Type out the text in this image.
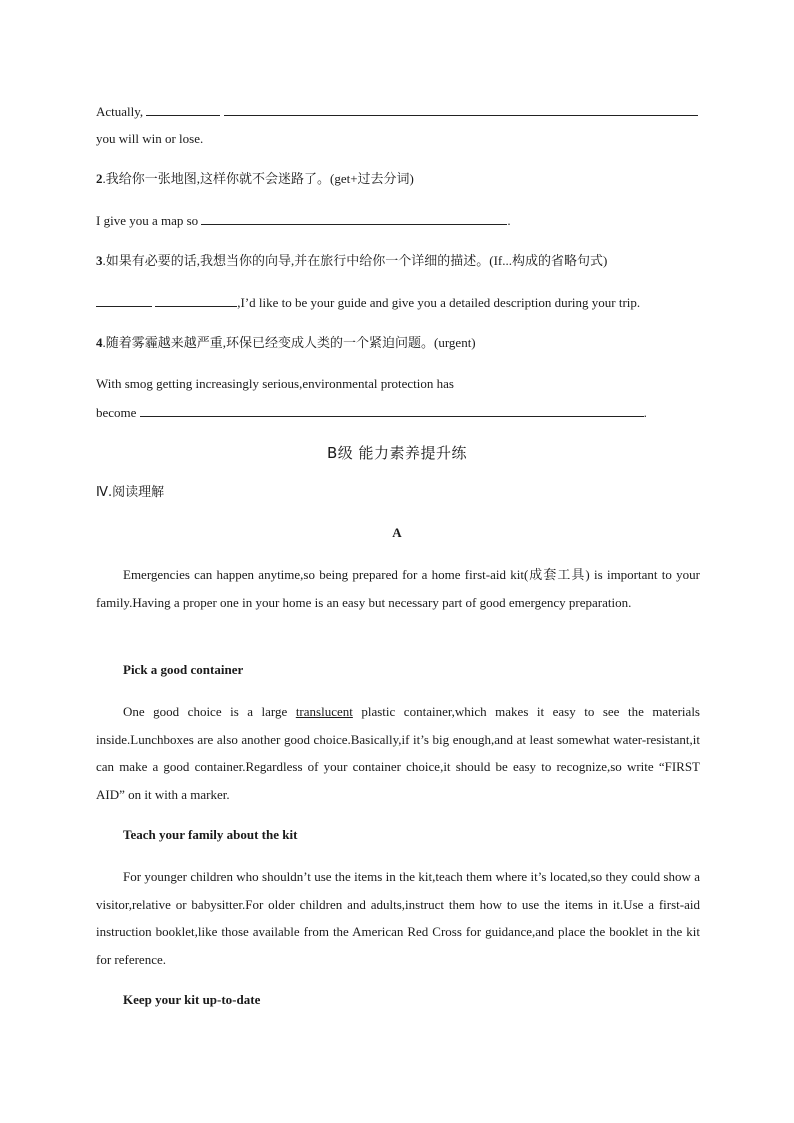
Actually,
you will win or lose.
2.我给你一张地图,这样你就不会迷路了。(get+过去分词)
I give you a map so	.
3.如果有必要的话,我想当你的向导,并在旅行中给你一个详细的描述。(If...构成的省略句式)
,I’d like to be your guide and give you a detailed description during your trip.
4.随着雾霾越来越严重,环保已经变成人类的一个紧迫问题。(urgent)
With smog getting increasingly serious,environmental protection has
become	.
B级 能力素养提升练
Ⅳ.阅读理解
A
Emergencies can happen anytime,so being prepared for a home first-aid kit(成套工具) is important to your family.Having a proper one in your home is an easy but necessary part of good emergency preparation.
Pick a good container
One good choice is a large translucent plastic container,which makes it easy to see the materials inside.Lunchboxes are also another good choice.Basically,if it’s big enough,and at least somewhat water-resistant,it can make a good container.Regardless of your container choice,it should be easy to recognize,so write “FIRST AID” on it with a marker.
Teach your family about the kit
For younger children who shouldn’t use the items in the kit,teach them where it’s located,so they could show a visitor,relative or babysitter.For older children and adults,instruct them how to use the items in it.Use a first-aid instruction booklet,like those available from the American Red Cross for guidance,and place the booklet in the kit for reference.
Keep your kit up-to-date
